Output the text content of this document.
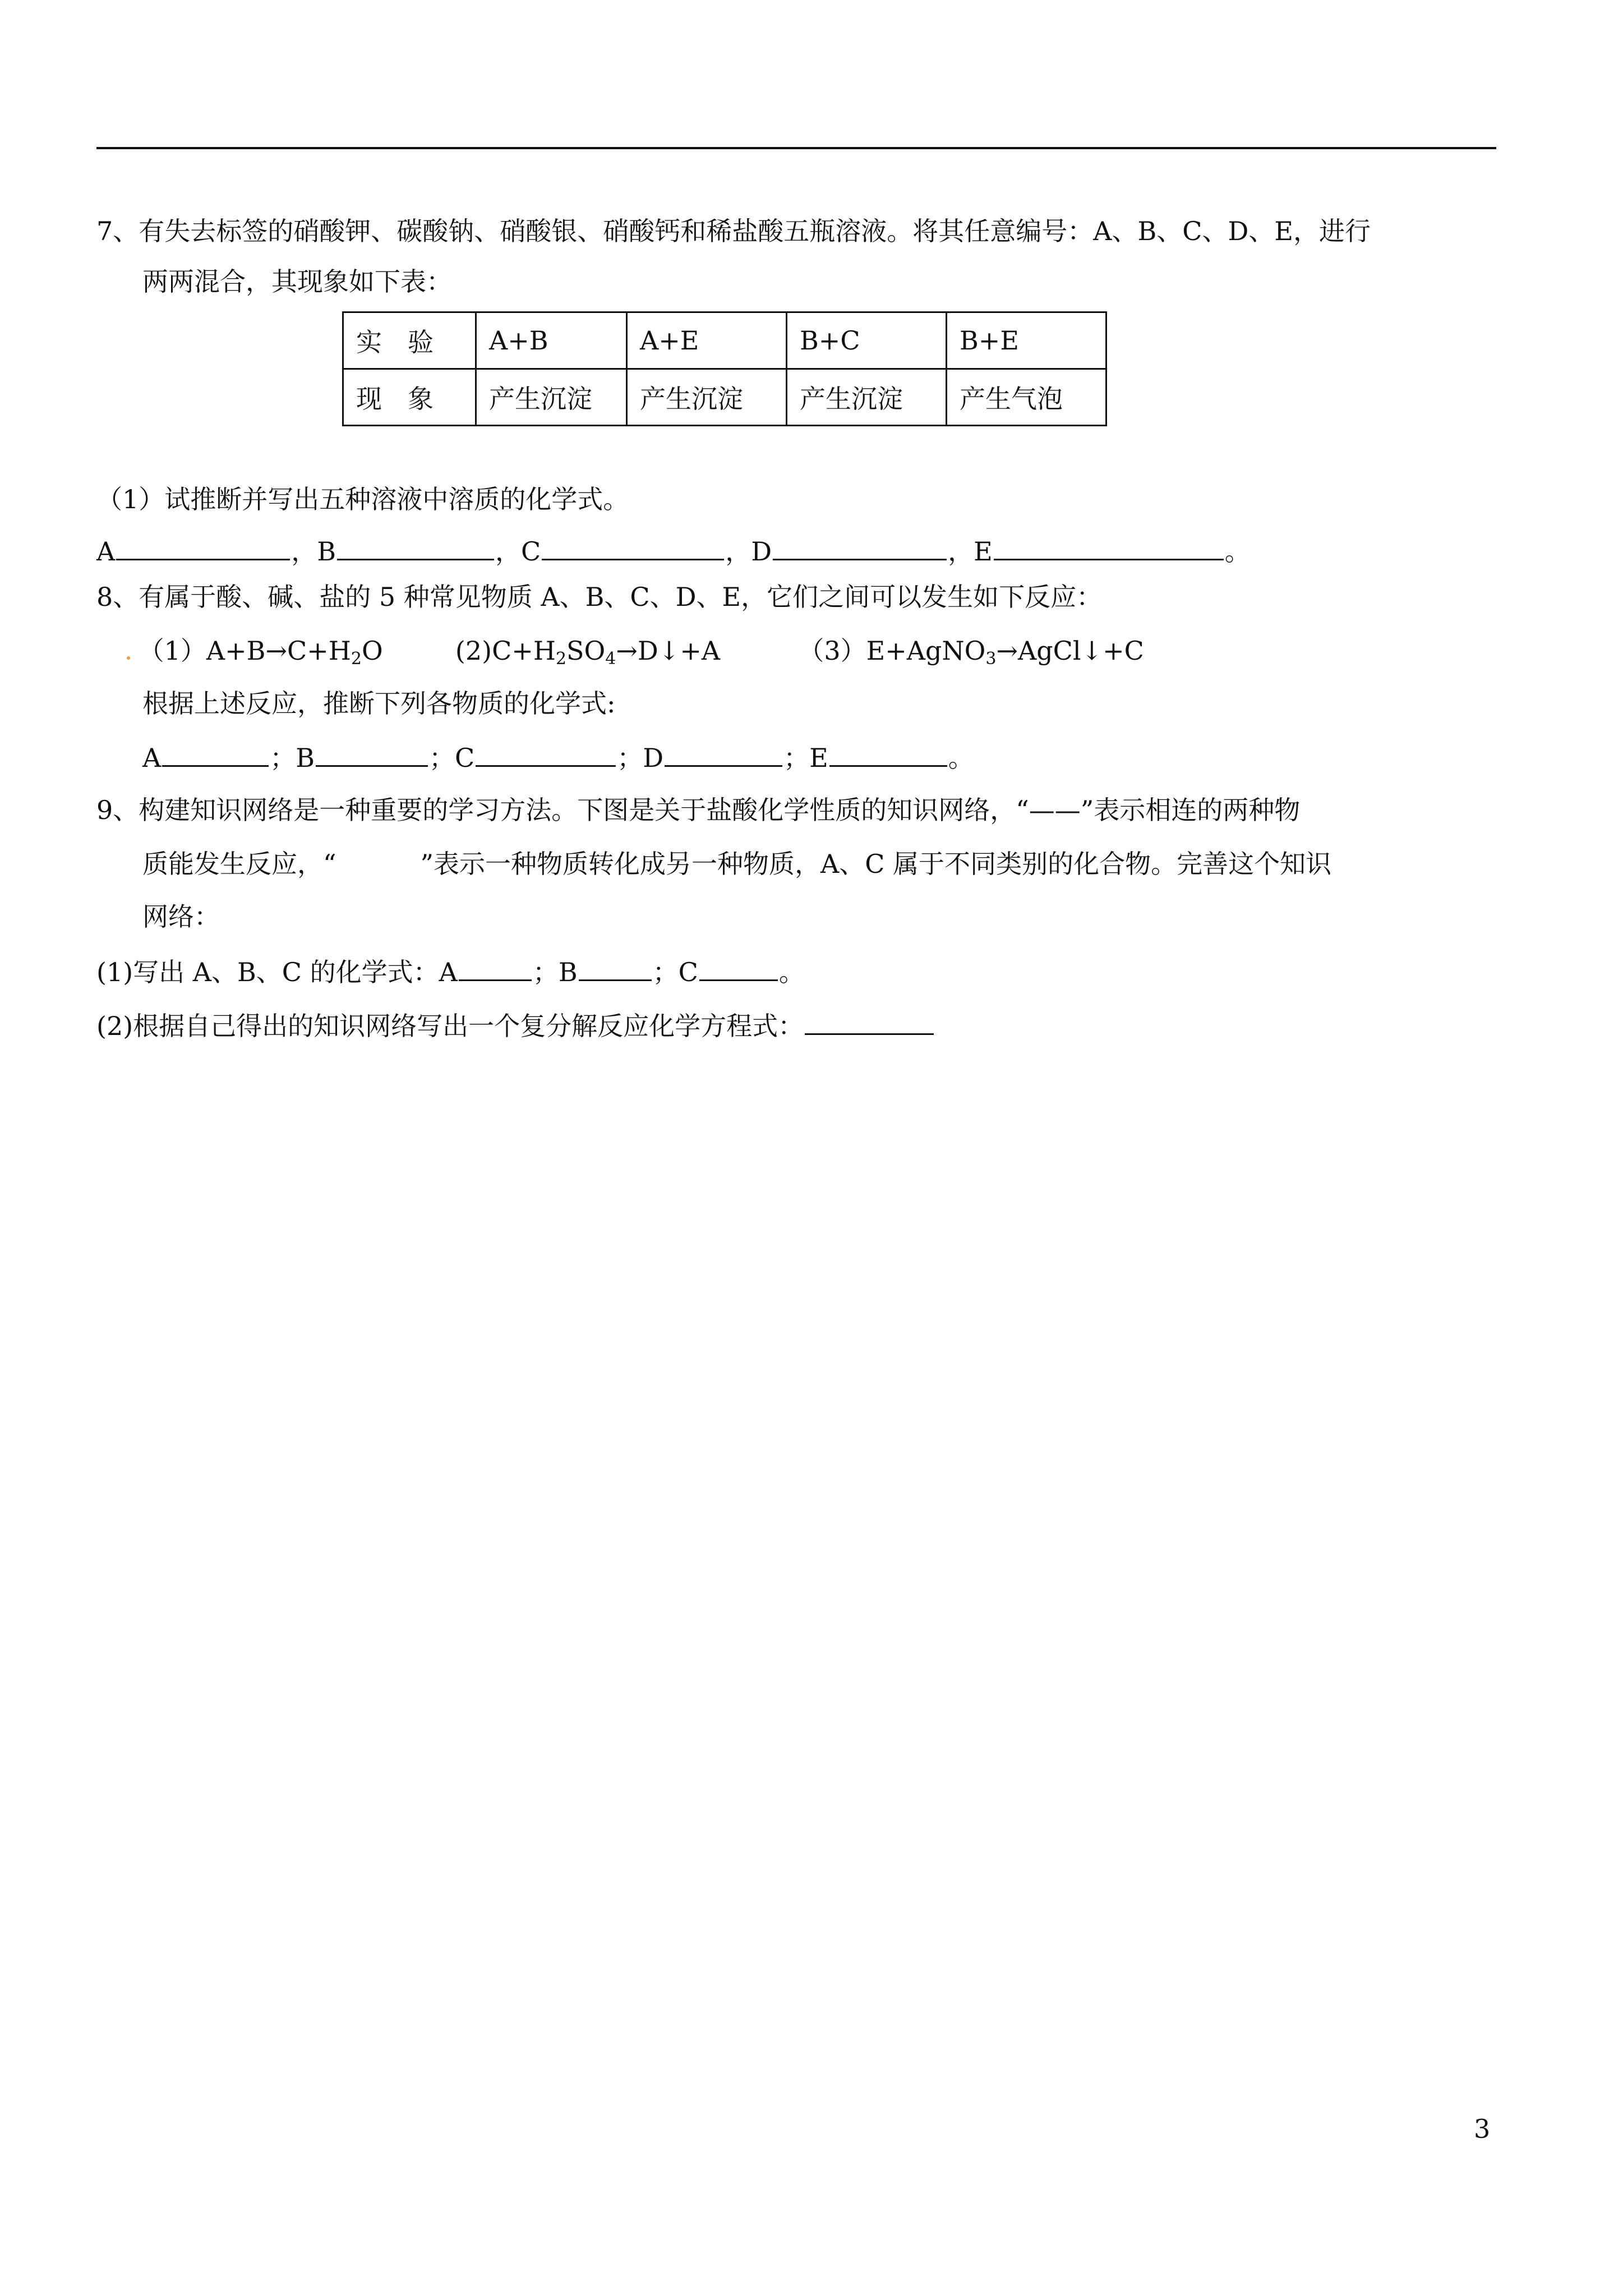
7、有失去标签的硝酸钾、碳酸钠、硝酸银、硝酸钙和稀盐酸五瓶溶液。将其任意编号：A、B、C、D、E，进行
两两混合，其现象如下表：
实　验	A+B	A+E	B+C	B+E
现　象	产生沉淀	产生沉淀	产生沉淀	产生气泡
（1）试推断并写出五种溶液中溶质的化学式。
A	，B	，C	，D	，E	。
8、有属于酸、碱、盐的 5 种常见物质 A、B、C、D、E，它们之间可以发生如下反应：
$(1)A+B\to C+H_2O$	$(2)C+H_2SO_4\to D↓+A$	（3）E+AgNO$_3$→AgCl↓+C
根据上述反应，推断下列各物质的化学式:
A	；B	；C	；D	；E	。
9、构建知识网络是一种重要的学习方法。下图是关于盐酸化学性质的知识网络，“——”表示相连的两种物
质能发生反应，“	”表示一种物质转化成另一种物质，A、C 属于不同类别的化合物。完善这个知识
网络：
(1)写出 A、B、C 的化学式：A	；B	；C	。
(2)根据自己得出的知识网络写出一个复分解反应化学方程式：
3
